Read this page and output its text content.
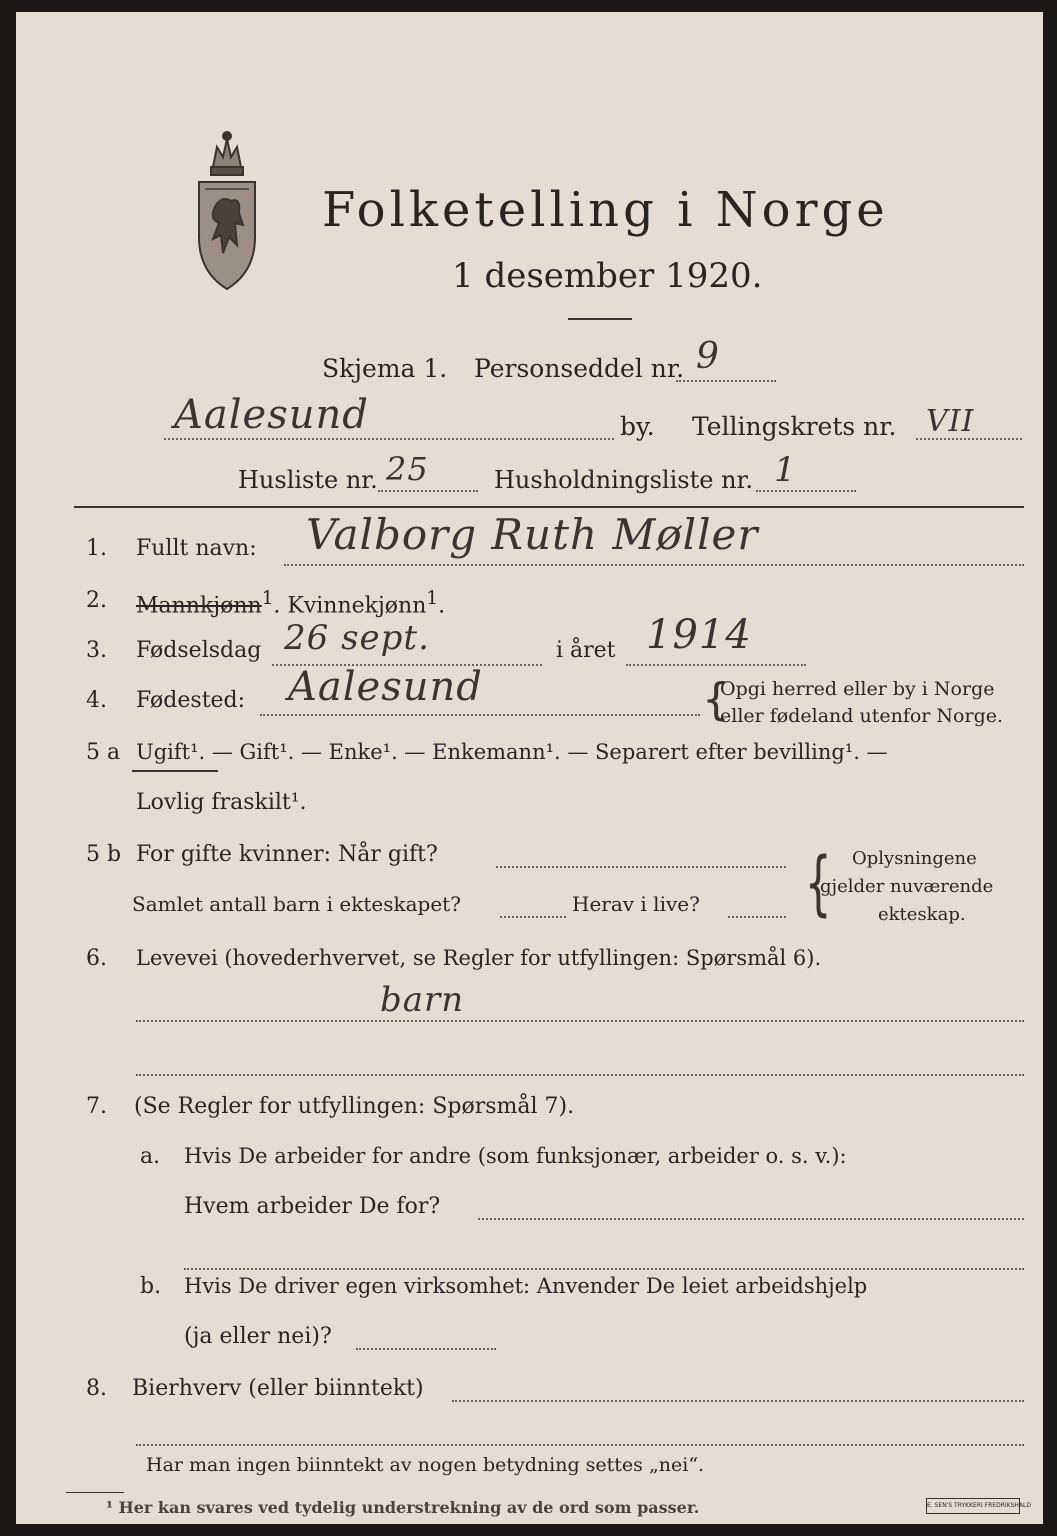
Folketelling i Norge
1 desember 1920.
Skjema 1. Personseddel nr. 9
Aalesund	by. Tellingskrets nr. VII
Husliste nr. 25	Husholdningsliste nr. 1
1. Fullt navn: Valborg Ruth Møller
2. Mannkjønn$^1$. Kvinnekjønn$^1$.
3. Fødselsdag 26 sept.	i året 1914
4. Fødested: Aalesund	{
Opgi herred eller by i Norge
eller fødeland utenfor Norge.
5 a Ugift¹. — Gift¹. — Enke¹. — Enkemann¹. — Separert efter bevilling¹. —
Lovlig fraskilt¹.
5 b For gifte kvinner: Når gift?
Samlet antall barn i ekteskapet?	Herav i live? { Oplysningene
gjelder nuværende
ekteskap.
6. Levevei (hovederhvervet, se Regler for utfyllingen: Spørsmål 6).
barn
7. (Se Regler for utfyllingen: Spørsmål 7).
a. Hvis De arbeider for andre (som funksjonær, arbeider o. s. v.):
Hvem arbeider De for?
b. Hvis De driver egen virksomhet: Anvender De leiet arbeidshjelp
(ja eller nei)?
8. Bierhverv (eller biinntekt)
Har man ingen biinntekt av nogen betydning settes „nei“.
¹ Her kan svares ved tydelig understrekning av de ord som passer.	E. SEN'S TRYKKERI FREDRIKSHALD
